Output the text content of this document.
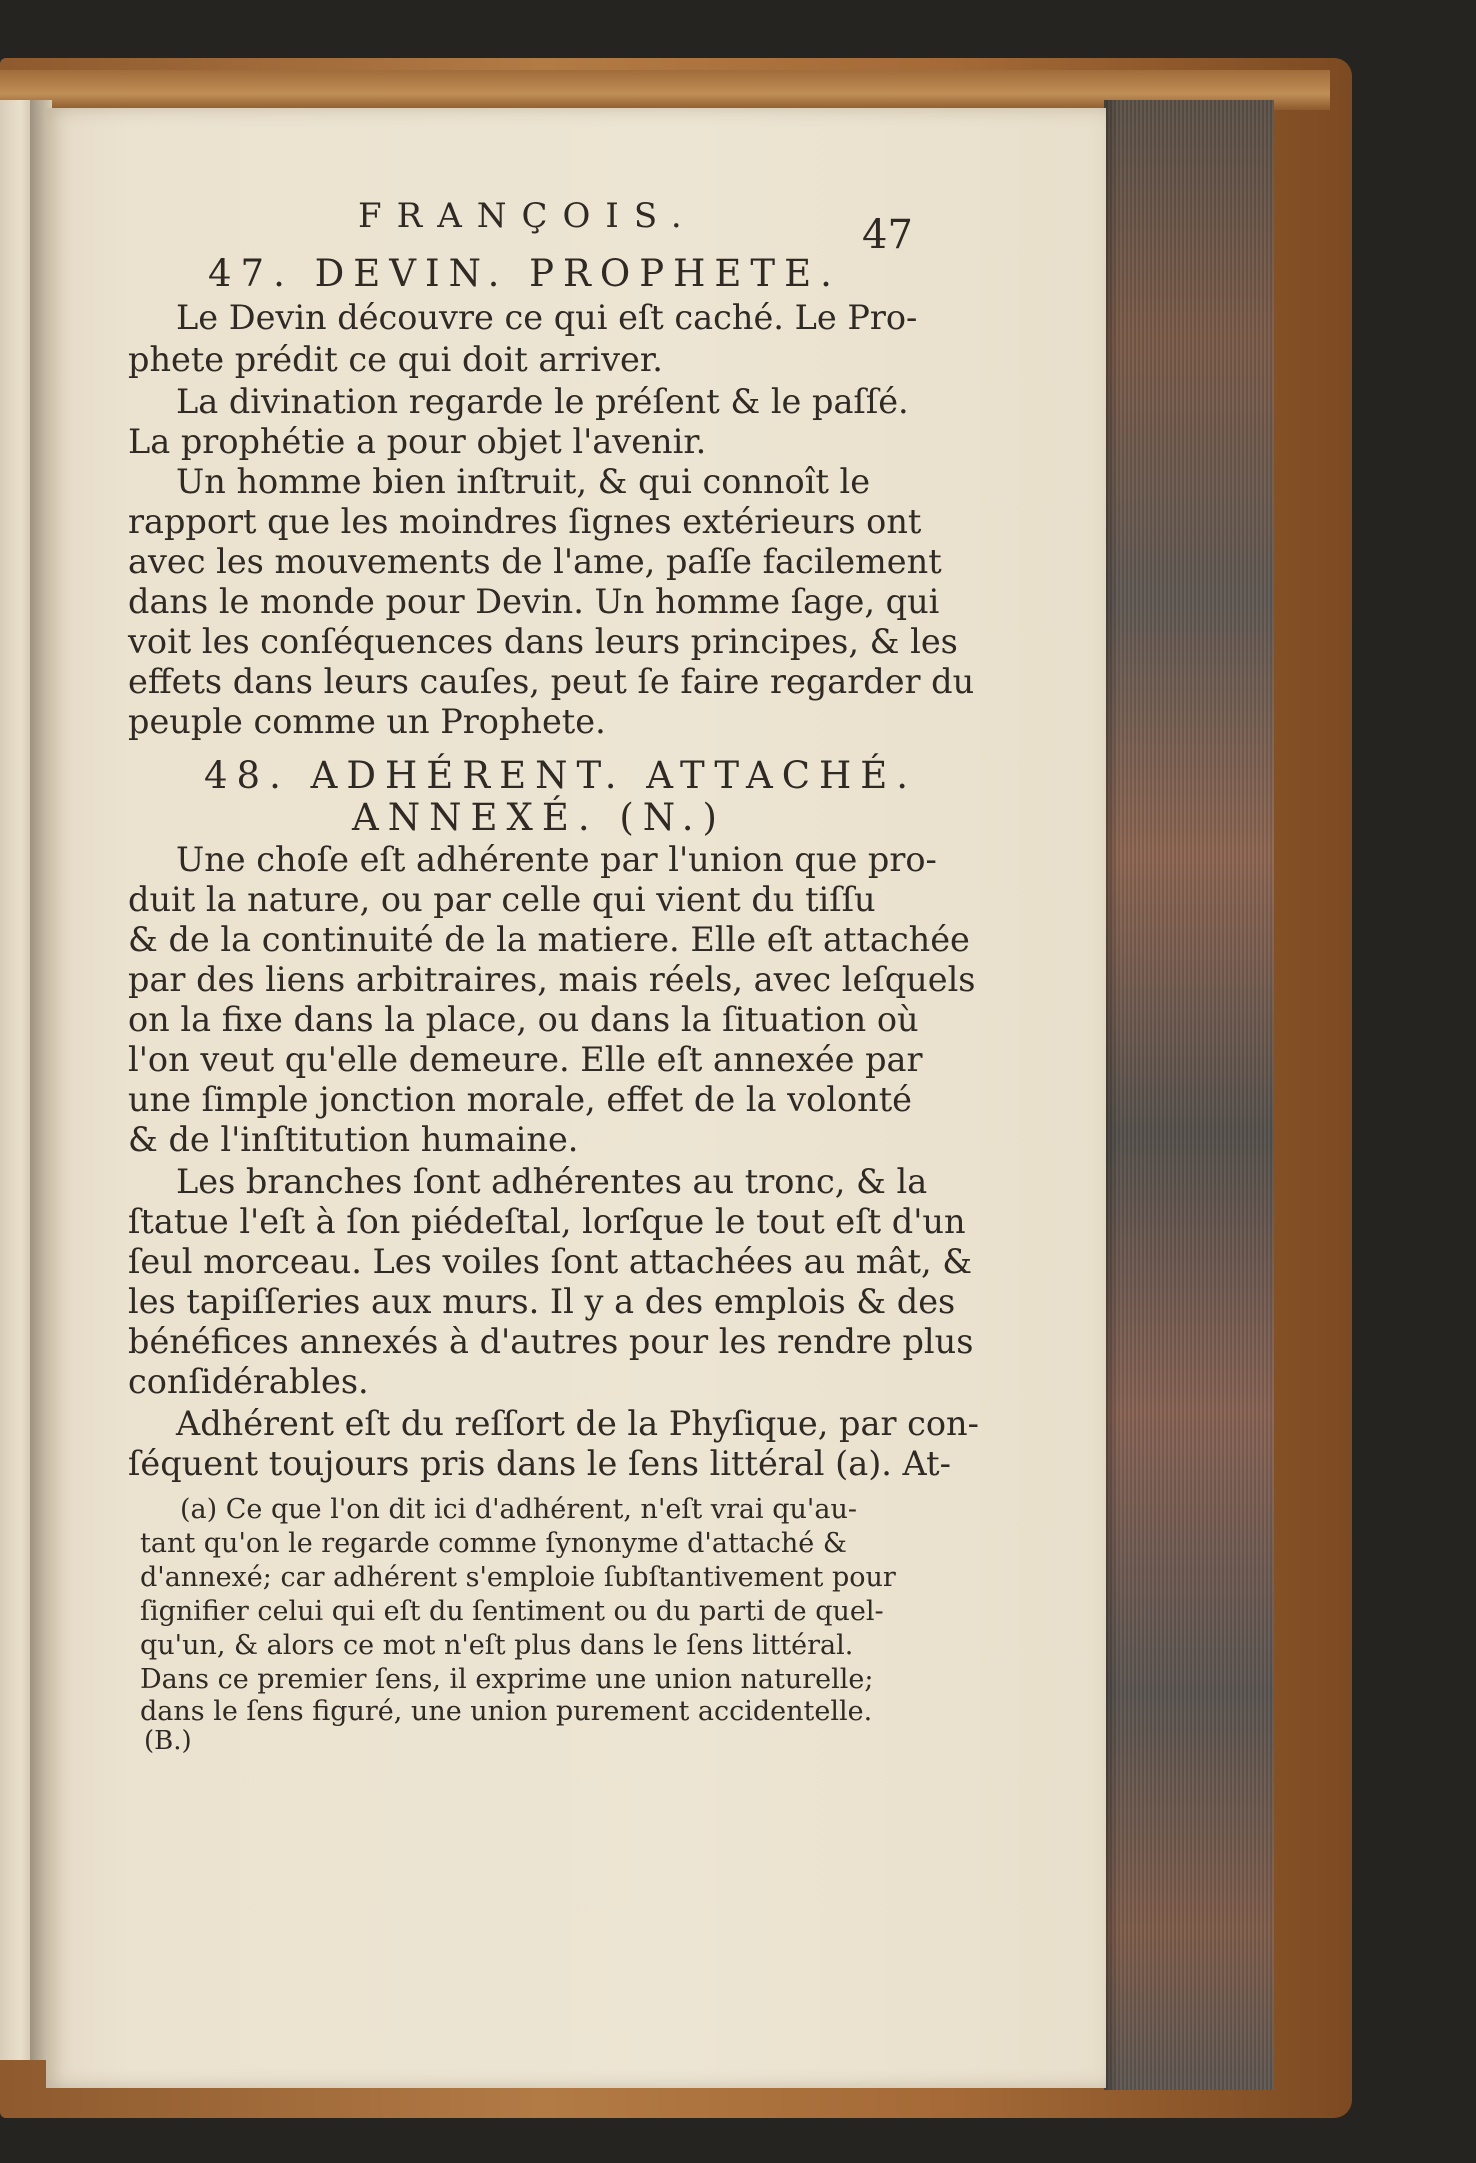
FRANÇOIS.	47
47. DEVIN. PROPHETE.
Le Devin découvre ce qui eſt caché. Le Pro-
phete prédit ce qui doit arriver.
La divination regarde le préſent & le paſſé.
La prophétie a pour objet l'avenir.
Un homme bien inſtruit, & qui connoît le
rapport que les moindres ſignes extérieurs ont
avec les mouvements de l'ame, paſſe facilement
dans le monde pour Devin. Un homme ſage, qui
voit les conſéquences dans leurs principes, & les
effets dans leurs cauſes, peut ſe faire regarder du
peuple comme un Prophete.
48. ADHÉRENT. ATTACHÉ.
ANNEXÉ. (N.)
Une choſe eſt adhérente par l'union que pro-
duit la nature, ou par celle qui vient du tiſſu
& de la continuité de la matiere. Elle eſt attachée
par des liens arbitraires, mais réels, avec leſquels
on la fixe dans la place, ou dans la ſituation où
l'on veut qu'elle demeure. Elle eſt annexée par
une ſimple jonction morale, effet de la volonté
& de l'inſtitution humaine.
Les branches ſont adhérentes au tronc, & la
ſtatue l'eſt à ſon piédeſtal, lorſque le tout eſt d'un
ſeul morceau. Les voiles ſont attachées au mât, &
les tapiſſeries aux murs. Il y a des emplois & des
bénéfices annexés à d'autres pour les rendre plus
conſidérables.
Adhérent eſt du reſſort de la Phyſique, par con-
ſéquent toujours pris dans le ſens littéral (a). At-
(a) Ce que l'on dit ici d'adhérent, n'eſt vrai qu'au-
tant qu'on le regarde comme ſynonyme d'attaché &
d'annexé; car adhérent s'emploie ſubſtantivement pour
ſignifier celui qui eſt du ſentiment ou du parti de quel-
qu'un, & alors ce mot n'eſt plus dans le ſens littéral.
Dans ce premier ſens, il exprime une union naturelle;
dans le ſens figuré, une union purement accidentelle.
(B.)
